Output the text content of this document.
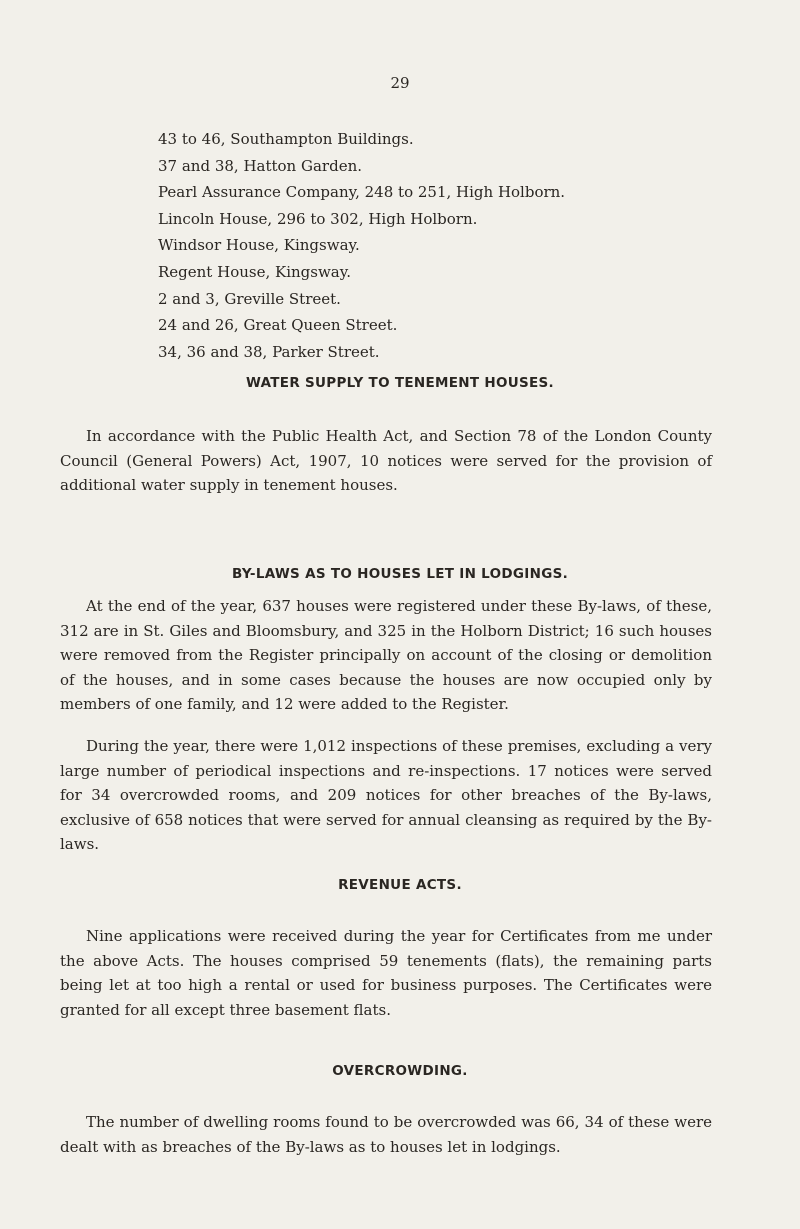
29
43 to 46, Southampton Buildings.
37 and 38, Hatton Garden.
Pearl Assurance Company, 248 to 251, High Holborn.
Lincoln House, 296 to 302, High Holborn.
Windsor House, Kingsway.
Regent House, Kingsway.
2 and 3, Greville Street.
24 and 26, Great Queen Street.
34, 36 and 38, Parker Street.
WATER SUPPLY TO TENEMENT HOUSES.

In accordance with the Public Health Act, and Section 78 of the London County Council (General Powers) Act, 1907, 10 notices were served for the provision of additional water supply in tenement houses.

BY-LAWS AS TO HOUSES LET IN LODGINGS.

At the end of the year, 637 houses were registered under these By-laws, of these, 312 are in St. Giles and Bloomsbury, and 325 in the Holborn District; 16 such houses were removed from the Register principally on account of the closing or demolition of the houses, and in some cases because the houses are now occupied only by members of one family, and 12 were added to the Register.

During the year, there were 1,012 inspections of these premises, excluding a very large number of periodical inspections and re-inspections. 17 notices were served for 34 overcrowded rooms, and 209 notices for other breaches of the By-laws, exclusive of 658 notices that were served for annual cleansing as required by the By-laws.

REVENUE ACTS.

Nine applications were received during the year for Certificates from me under the above Acts. The houses comprised 59 tenements (flats), the remaining parts being let at too high a rental or used for business purposes. The Certificates were granted for all except three basement flats.

OVERCROWDING.

The number of dwelling rooms found to be overcrowded was 66, 34 of these were dealt with as breaches of the By-laws as to houses let in lodgings.
